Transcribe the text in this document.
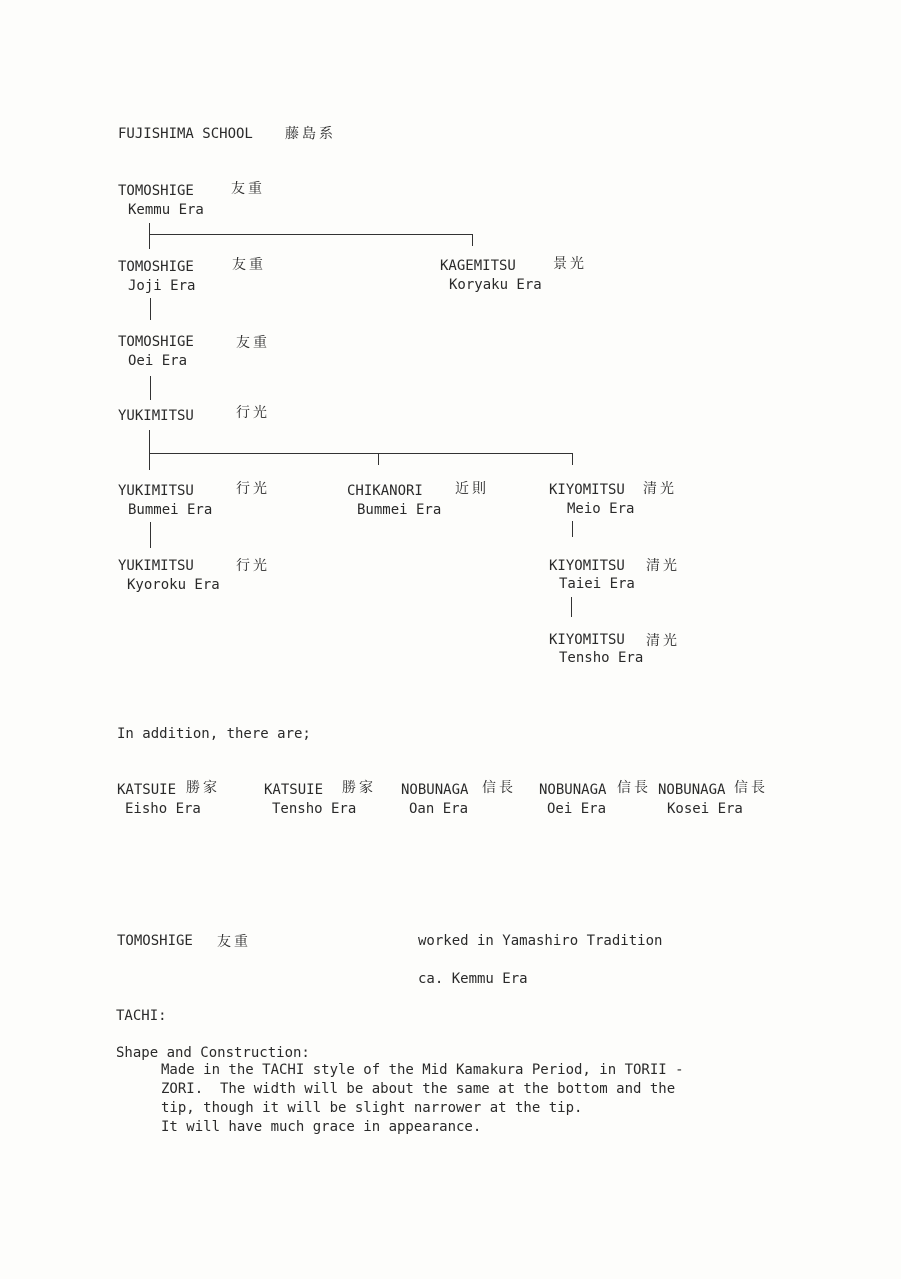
FUJISHIMA SCHOOL 藤島系
TOMOSHIGE	友重
Kemmu Era
TOMOSHIGE	友重
Joji Era
KAGEMITSU	景光
Koryaku Era
TOMOSHIGE	友重
Oei Era
YUKIMITSU	行光
YUKIMITSU	行光
Bummei Era
CHIKANORI 近則
Bummei Era
KIYOMITSU 清光
Meio Era
YUKIMITSU	行光
Kyoroku Era
KIYOMITSU 清光
Taiei Era
KIYOMITSU 清光
Tensho Era
In addition, there are;
KATSUIE 勝家
Eisho Era
KATSUIE 勝家
Tensho Era
NOBUNAGA 信長
Oan Era
NOBUNAGA 信長
Oei Era
NOBUNAGA 信長
Kosei Era
TOMOSHIGE 友重	worked in Yamashiro Tradition
ca. Kemmu Era
TACHI:
Shape and Construction:
Made in the TACHI style of the Mid Kamakura Period, in TORII -
ZORI.  The width will be about the same at the bottom and the
tip, though it will be slight narrower at the tip.
It will have much grace in appearance.
